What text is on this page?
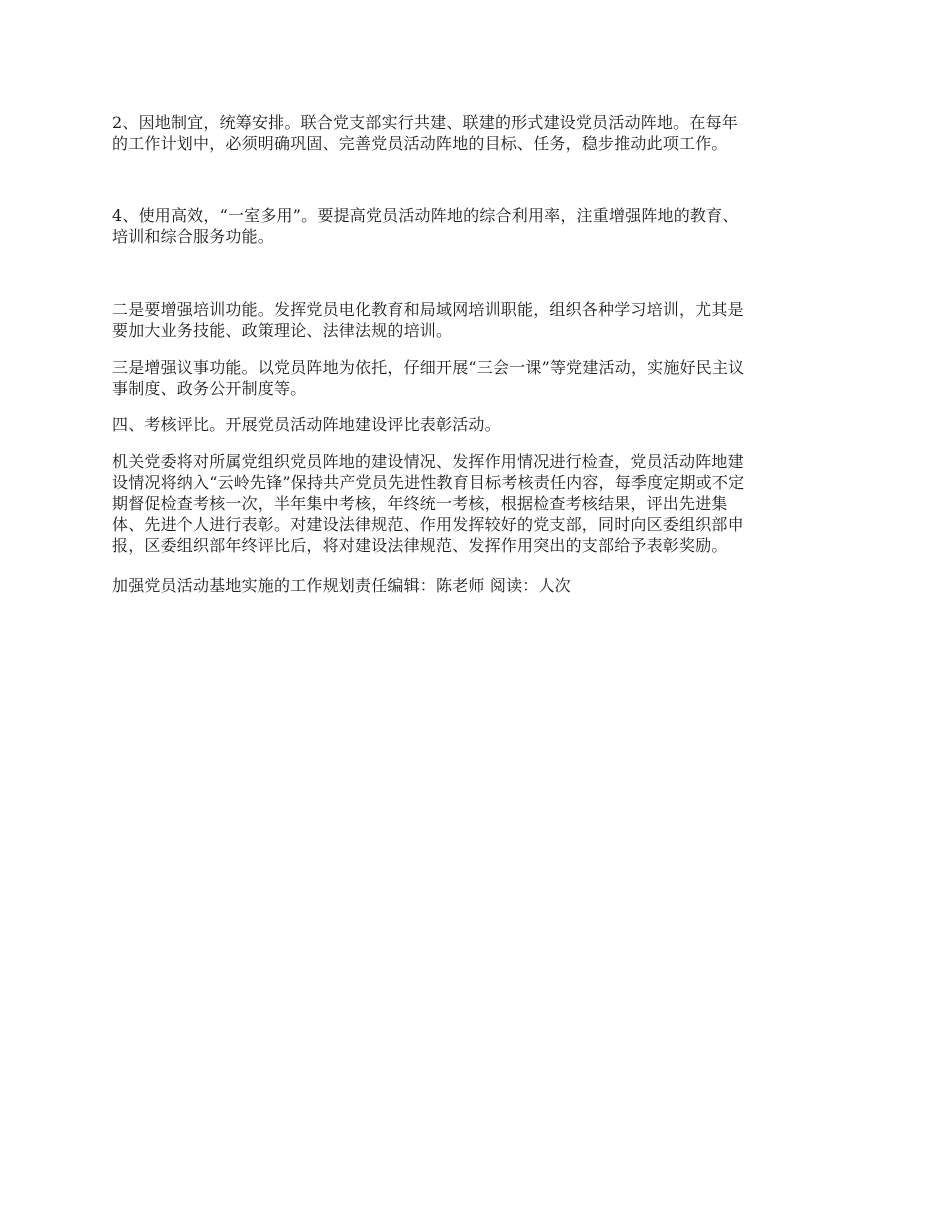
2、因地制宜，统筹安排。联合党支部实行共建、联建的形式建设党员活动阵地。在每年
的工作计划中，必须明确巩固、完善党员活动阵地的目标、任务，稳步推动此项工作。

4、使用高效，“一室多用”。要提高党员活动阵地的综合利用率，注重增强阵地的教育、
培训和综合服务功能。

二是要增强培训功能。发挥党员电化教育和局域网培训职能，组织各种学习培训，尤其是
要加大业务技能、政策理论、法律法规的培训。

三是增强议事功能。以党员阵地为依托，仔细开展“三会一课”等党建活动，实施好民主议
事制度、政务公开制度等。

四、考核评比。开展党员活动阵地建设评比表彰活动。

机关党委将对所属党组织党员阵地的建设情况、发挥作用情况进行检查，党员活动阵地建
设情况将纳入“云岭先锋”保持共产党员先进性教育目标考核责任内容，每季度定期或不定
期督促检查考核一次，半年集中考核，年终统一考核，根据检查考核结果，评出先进集
体、先进个人进行表彰。对建设法律规范、作用发挥较好的党支部，同时向区委组织部申
报，区委组织部年终评比后，将对建设法律规范、发挥作用突出的支部给予表彰奖励。

加强党员活动基地实施的工作规划责任编辑：陈老师 阅读：人次
